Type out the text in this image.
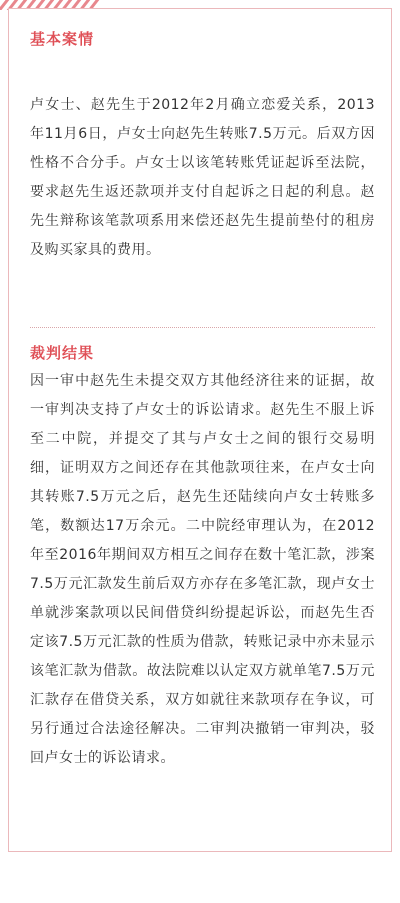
基本案情

卢女士、赵先生于2012年2月确立恋爱关系，2013年11月6日，卢女士向赵先生转账7.5万元。后双方因性格不合分手。卢女士以该笔转账凭证起诉至法院，要求赵先生返还款项并支付自起诉之日起的利息。赵先生辩称该笔款项系用来偿还赵先生提前垫付的租房及购买家具的费用。

裁判结果

因一审中赵先生未提交双方其他经济往来的证据，故一审判决支持了卢女士的诉讼请求。赵先生不服上诉至二中院，并提交了其与卢女士之间的银行交易明细，证明双方之间还存在其他款项往来，在卢女士向其转账7.5万元之后，赵先生还陆续向卢女士转账多笔，数额达17万余元。二中院经审理认为，在2012年至2016年期间双方相互之间存在数十笔汇款，涉案7.5万元汇款发生前后双方亦存在多笔汇款，现卢女士单就涉案款项以民间借贷纠纷提起诉讼，而赵先生否定该7.5万元汇款的性质为借款，转账记录中亦未显示该笔汇款为借款。故法院难以认定双方就单笔7.5万元汇款存在借贷关系，双方如就往来款项存在争议，可另行通过合法途径解决。二审判决撤销一审判决，驳回卢女士的诉讼请求。
